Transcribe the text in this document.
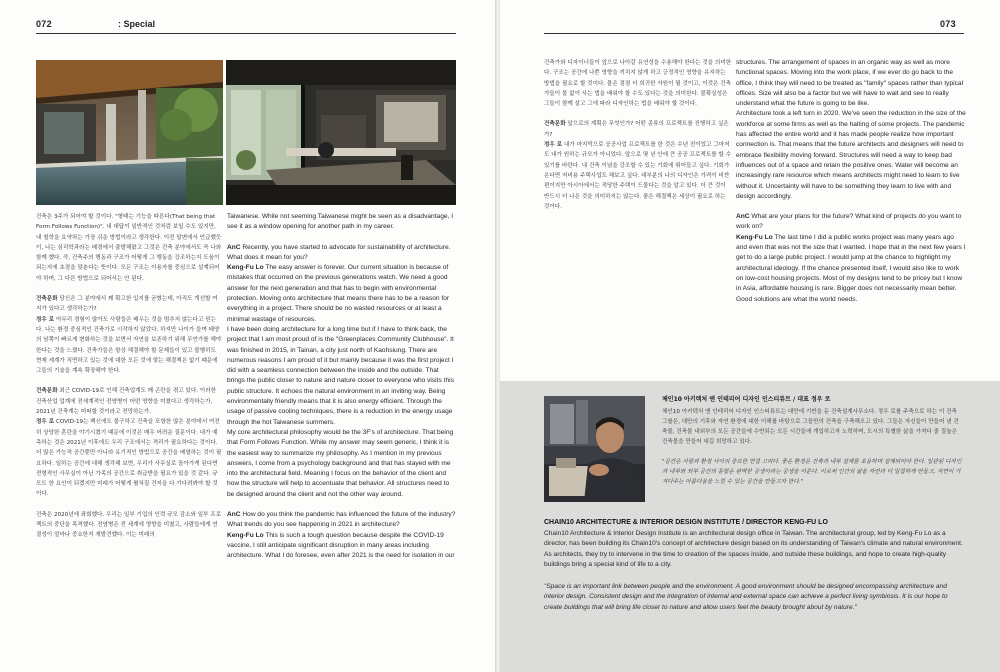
072	: Special

건축은 3주가 되어야 할 것이다. "형태는 기능을 따른다(That being that Form Follows Function)". 내 대답이 일반적인 것처럼 보일 수도 있지만, 내 철학을 요약하는 가장 쉬운 방법이라고 생각한다. 이전 답변에서 언급했듯이, 나는 심리학과라는 배경에서 출발해왔고 그것은 건축 분야에서도 꼭 나와 함께 했다. 즉, 건축주의 행동과 구조가 어떻게 그 행동을 강조하는지 도움이 되는지에 초점을 맞춘다는 뜻이다. 모든 구조는 이용자를 중심으로 설계되어야 하며, 그 다른 방법으로 되어서는 안 된다.

건축문화 당신은 그 분야에서 꽤 확고한 입지를 굳혔는데, 아직도 개선할 여지가 있다고 생각하는가?
정우 로 아무리 경험이 많아도 사람들은 배우는 것을 멈추지 않는다고 믿는다. 나는 환경 중심적인 건축가로 시작하지 않았다. 하지만 나이가 들며 태양의 남쪽이 빠르게 변화하는 것을 보면서 자연을 보존하기 위해 무언가를 해야 한다는 것을 느꼈다. 건축가들은 항상 해결해야 할 문제들이 있고 불행히도 현재 세계가 직면하고 있는 것에 대한 모든 것에 맞는 해결책은 없기 때문에 그들의 기술을 계속 확장해야 한다.

건축문화 최근 COVID-19로 인해 건축업계도 꽤 곤란을 겪고 있다. 이러한 건축산업 업계에 전세계적인 전염병이 어떤 영향을 미쳤다고 생각하는가, 2021년 건축계는 어떠할 것이라고 전망하는가.
정우 로 COVID-19는 백신에도 불구하고 건축을 포함한 많은 분야에서 여전히 상당한 혼란을 야기시켰기 때문에 이것은 매우 어려운 질문이다. 내가 예측하는 것은 2021년 이후에도 우리 구조에서는 격리가 필요하다는 것이다. 더 많은 가능적 공간뿐만 아니라 유기적인 방법으로 공간을 배열하는 것이 필요하다. 일하는 공간에 대해 생각해 보면, 우리가 사무실로 돌아가게 된다면 전형적인 사무실이 아닌 가족의 공간으로 취급받을 필요가 있을 것 같다. 규모도 한 요인이 되겠지만 미래가 어떻게 펼쳐질 건지을 다 기다려봐야 할 것이다.

건축은 2020년에 좌회했다. 우리는 일부 기업의 인력 규모 감소와 일부 프로젝트의 중단을 목격했다. 전염병은 전 세계에 영향을 미쳤고, 사람들에게 연결성이 얼마나 중요한지 재발견했다. 이는 미래의

Taiwanese. While not seeming Taiwanese might be seen as a disadvantage, I see it as a window opening for another path in my career.

AnC Recently, you have started to advocate for sustainability of architecture. What does it mean for you?
Keng-Fu Lo The easy answer is forever. Our current situation is because of mistakes that occurred on the previous generations watch. We need a good answer for the next generation and that has to begin with environmental protection. Moving onto architecture that means there has to be a reason for everything in a project. There should be no wasted resources or at least a minimal wastage of resources.

I have been doing architecture for a long time but if I have to think back, the project that I am most proud of is the "Greenplaces Community Clubhouse". It was finished in 2015, in Tainan, a city just north of Kaohsiung. There are numerous reasons I am proud of it but mainly because it was the first project I did with a seamless connection between the inside and the outside. That brings the public closer to nature and nature closer to everyone who visits this public structure. It echoes the natural environment in an inviting way. Being environmentally friendly means that it is also energy efficient. Through the usage of passive cooling techniques, there is a reduction in the energy usage through the hot Taiwanese summers.

My core architectural philosophy would be the 3F's of architecture. That being that Form Follows Function. While my answer may seem generic, I think it is the easiest way to summarize my philosophy. As I mention in my previous answers, I come from a psychology background and that has stayed with me into the architectural field. Meaning I focus on the behavior of the client and how the structure will help to accentuate that behavior. All structures need to be designed around the client and not the other way around.

AnC How do you think the pandemic has influenced the future of the industry? What trends do you see happening in 2021 in architecture?
Keng-Fu Lo This is such a tough question because despite the COVID-19 vaccine, I still anticipate significant disruption in many areas including architecture. What I do foresee, even after 2021 is the need for isolation in our

073

건축가와 디자이너들이 앞으로 나아갈 유연성을 수용해야 한다는 것을 의미한다. 구조는 공간에 나쁜 영향을 끼치지 않게 하고 긍정적인 영향을 유지하는 방법을 필요로 할 것이다. 물은 점점 더 희귀한 자원이 될 것이고, 이것은 건축가들이 물 없이 사는 법을 배워야 할 수도 있다는 것을 의미한다. 불확실성은 그들이 함께 살고 그에 따라 디자인하는 법을 배워야 할 것이다.

건축문화 앞으로의 계획은 무엇인가? 어떤 종류의 프로젝트를 진행하고 싶은가?
정우 로 내가 마지막으로 공공사업 프로젝트를 한 것은 수년 전이었고 그마저도 내가 원하는 규모가 아니었다. 앞으로 몇 년 안에 큰 공공 프로젝트를 할 수 있기를 바란다. 내 건축 이념을 강조할 수 있는 기회에 뛰어들고 싶다. 기회가 온다면 저비용 주택사업도 해보고 싶다. 대부분의 나의 디자인은 가격이 비싼 편이지만 아시아에서는 적당한 주택이 드물다는 것을 알고 있다. 더 큰 것이 반드시 더 나은 것을 의미하지는 않는다. 좋은 해결책은 세상이 필요로 하는 것이다.

structures. The arrangement of spaces in an organic way as well as more functional spaces. Moving into the work place, if we ever do go back to the office, I think they will need to be treated as "family" spaces rather than typical offices. Size will also be a factor but we will have to wait and see to really understand what the future is going to be like.

Architecture took a left turn in 2020. We've seen the reduction in the size of the workforce at some firms as well as the halting of some projects. The pandemic has affected the entire world and it has made people realize how important connection is. That means that the future architects and designers will need to embrace flexibility moving forward. Structures will need a way to keep bad influences out of a space and retain the positive ones. Water will become an increasingly rare resource which means architects might need to learn to live without it. Uncertainty will have to be something they learn to live with and design accordingly.

AnC What are your plans for the future? What kind of projects do you want to work on?
Keng-Fu Lo The last time I did a public works project was many years ago and even that was not the size that I wanted. I hope that in the next few years I get to do a large public project. I would jump at the chance to highlight my architectural ideology. If the chance presented itself, I would also like to work on low-cost housing projects. Most of my designs tend to be pricey but I know in Asia, affordable housing is rare. Bigger does not necessarily mean better. Good solutions are what the world needs.

체인10 아키텍처 앤 인테리어 디자인 인스티튜트 / 대표 정우 로
체인10 아키텍처 앤 인테리어 디자인 인스티튜트는 대만에 기반을 둔 건축설계사무소다. 정우 로를 주축으로 하는 이 건축그룹은, 대만의 기후와 자연 환경에 대한 이해를 바탕으로 그들만의 건축을 구축해오고 있다. 그들은 자신들이 만들어 낸 건축물, 건축물 내외부의 모든 공간들에 수반되는 모든 시간들에 개입하고자 노력하며, 도시의 특별한 삶을 가져다 줄 질높은 건축물을 만들어 내길 희망하고 있다.
"공간은 사람과 환경 사이의 중요한 연결 고리다. 좋은 환경은 건축과 내부 설계를 포용하며 설계되어야 한다. 일관된 디자인과 내부와 외부 공간의 통합은 완벽한 공생이라는 공생을 이룬다. 이로써 인간의 삶을 자연과 더 밀접하게 만들고, 자연이 가져다주는 아름다움을 느낄 수 있는 공간을 만들고자 한다."
CHAIN10 ARCHITECTURE & INTERIOR DESIGN INSTITUTE / DIRECTOR KENG-FU LO
Chain10 Architecture & Interior Design Institute is an architectural design office in Taiwan. The architectural group, led by Keng-Fu Lo as a director, has been building its Chain10's concept of architecture design based on its understanding of Taiwan's climate and natural environment. As architects, they try to intervene in the time to creation of the spaces inside, and outside these buildings, and hope to create high-quality buildings bring a special kind of life to a city.
"Space is an important link between people and the environment. A good environment should be designed encompassing architecture and interior design. Consistent design and the integration of internal and external space can achieve a perfect living symbiosis. It is our hope to create buildings that will bring life closer to nature and allow users feel the beauty brought about by nature."
